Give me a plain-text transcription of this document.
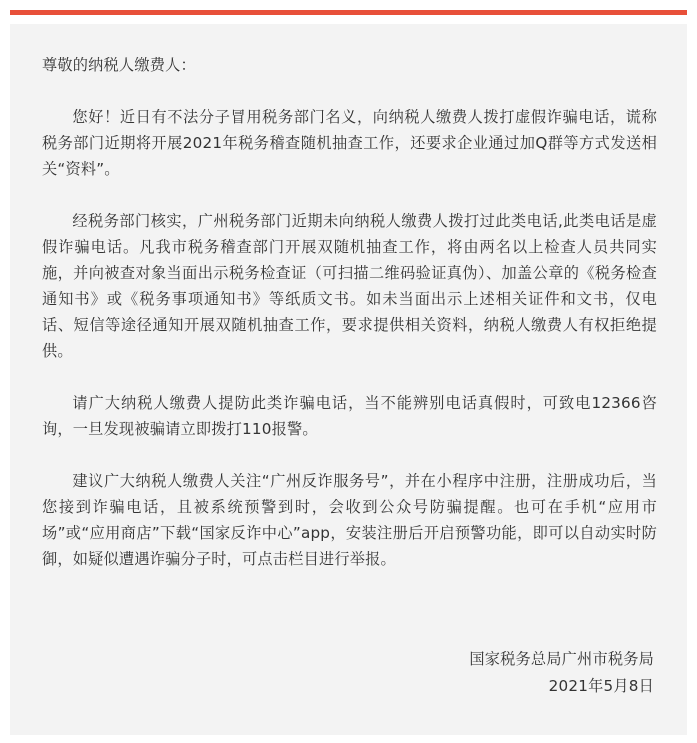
尊敬的纳税人缴费人：

您好！近日有不法分子冒用税务部门名义，向纳税人缴费人拨打虚假诈骗电话，谎称税务部门近期将开展2021年税务稽查随机抽查工作，还要求企业通过加Q群等方式发送相关“资料”。

经税务部门核实，广州税务部门近期未向纳税人缴费人拨打过此类电话,此类电话是虚假诈骗电话。凡我市税务稽查部门开展双随机抽查工作，将由两名以上检查人员共同实施，并向被查对象当面出示税务检查证（可扫描二维码验证真伪）、加盖公章的《税务检查通知书》或《税务事项通知书》等纸质文书。如未当面出示上述相关证件和文书，仅电话、短信等途径通知开展双随机抽查工作，要求提供相关资料，纳税人缴费人有权拒绝提供。

请广大纳税人缴费人提防此类诈骗电话，当不能辨别电话真假时，可致电12366咨询，一旦发现被骗请立即拨打110报警。

建议广大纳税人缴费人关注“广州反诈服务号”，并在小程序中注册，注册成功后，当您接到诈骗电话，且被系统预警到时，会收到公众号防骗提醒。也可在手机“应用市场”或“应用商店”下载“国家反诈中心”app，安装注册后开启预警功能，即可以自动实时防御，如疑似遭遇诈骗分子时，可点击栏目进行举报。

国家税务总局广州市税务局
2021年5月8日
